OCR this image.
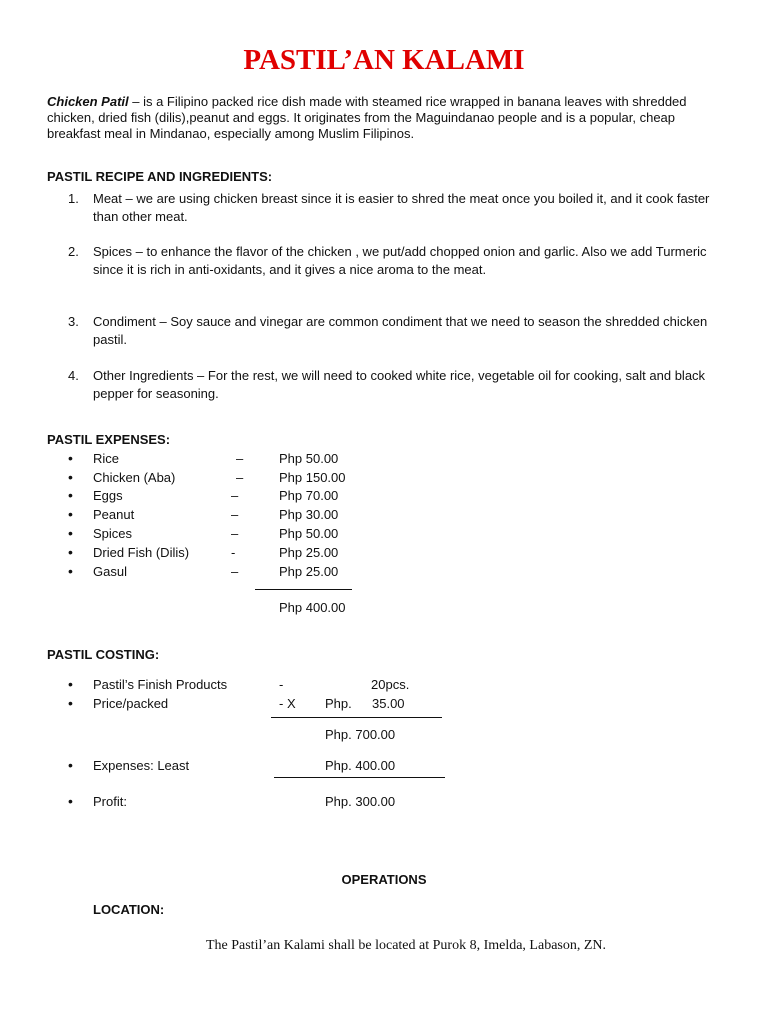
PASTIL’AN KALAMI
Chicken Patil – is a Filipino packed rice dish made with steamed rice wrapped in banana leaves with shredded chicken, dried fish (dilis),peanut and eggs. It originates from the Maguindanao people and is a popular, cheap breakfast meal in Mindanao, especially among Muslim Filipinos.
PASTIL RECIPE AND INGREDIENTS:
1. Meat – we are using chicken breast since it is easier to shred the meat once you boiled it, and it cook faster than other meat.
2. Spices – to enhance the flavor of the chicken , we put/add chopped onion and garlic. Also we add Turmeric since it is rich in anti-oxidants, and it gives a nice aroma to the meat.
3. Condiment – Soy sauce and vinegar are common condiment that we need to season the shredded chicken pastil.
4. Other Ingredients – For the rest, we will need to cooked white rice, vegetable oil for cooking, salt and black pepper for seasoning.
PASTIL EXPENSES:
• Rice	–	Php 50.00
• Chicken (Aba)	–	Php 150.00
• Eggs	–	Php 70.00
• Peanut	–	Php 30.00
• Spices	–	Php 50.00
• Dried Fish (Dilis)	-	Php 25.00
• Gasul	–	Php 25.00
Php 400.00
PASTIL COSTING:
• Pastil’s Finish Products	-	20pcs.
• Price/packed	- X Php. 35.00
Php. 700.00
• Expenses: Least	Php. 400.00
• Profit:	Php. 300.00
OPERATIONS
LOCATION:
The Pastil’an Kalami shall be located at Purok 8, Imelda, Labason, ZN.
